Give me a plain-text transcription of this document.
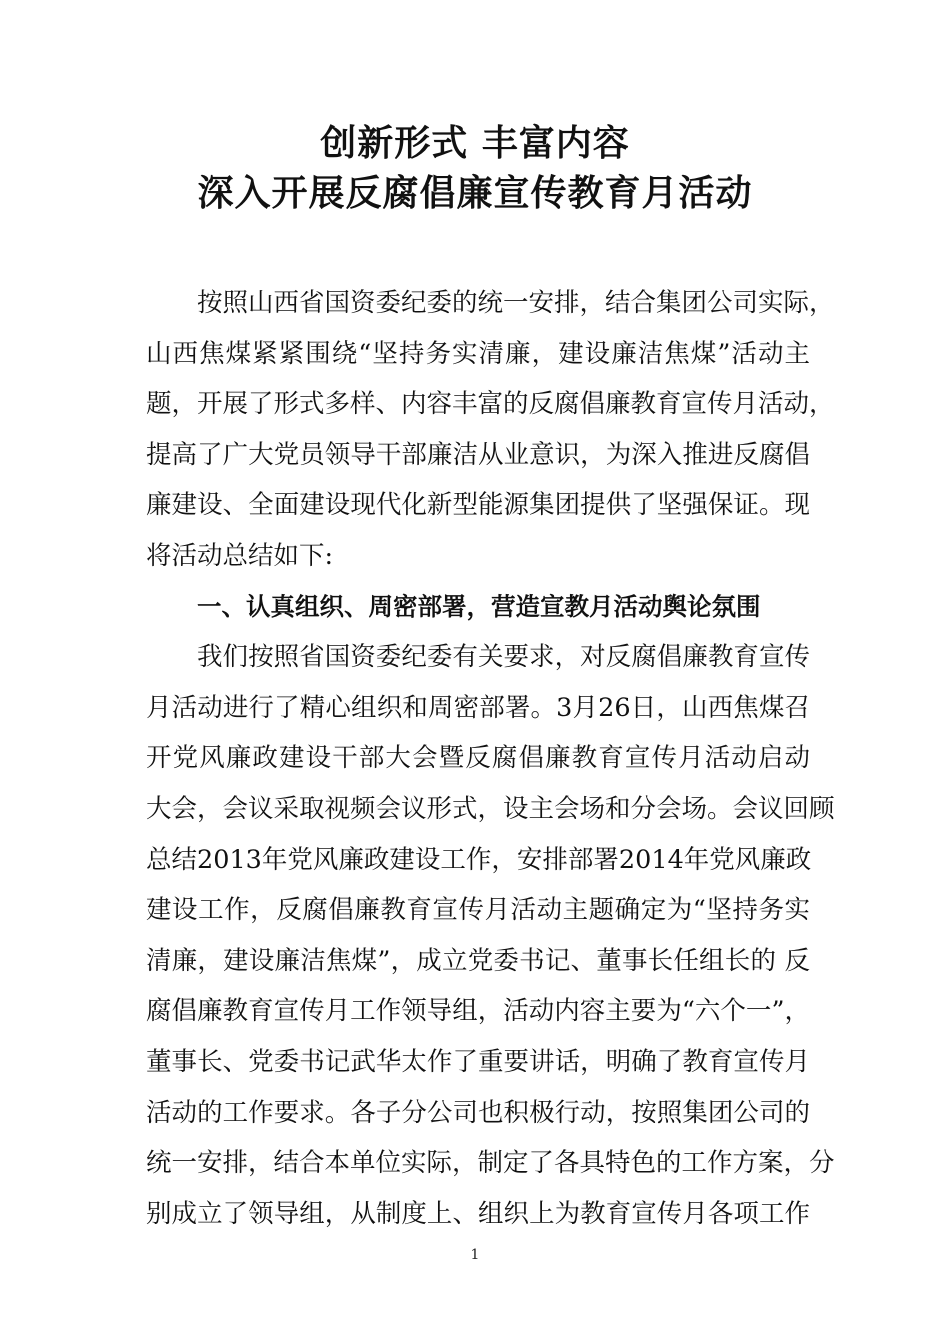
创新形式 丰富内容
深入开展反腐倡廉宣传教育月活动
按照山西省国资委纪委的统一安排，结合集团公司实际，
山西焦煤紧紧围绕“坚持务实清廉，建设廉洁焦煤”活动主
题，开展了形式多样、内容丰富的反腐倡廉教育宣传月活动，
提高了广大党员领导干部廉洁从业意识，为深入推进反腐倡
廉建设、全面建设现代化新型能源集团提供了坚强保证。现
将活动总结如下:
一、认真组织、周密部署，营造宣教月活动舆论氛围
我们按照省国资委纪委有关要求，对反腐倡廉教育宣传
月活动进行了精心组织和周密部署。3月26日，山西焦煤召
开党风廉政建设干部大会暨反腐倡廉教育宣传月活动启动
大会，会议采取视频会议形式，设主会场和分会场。会议回顾
总结2013年党风廉政建设工作，安排部署2014年党风廉政
建设工作，反腐倡廉教育宣传月活动主题确定为“坚持务实
清廉，建设廉洁焦煤”，成立党委书记、董事长任组长的 反
腐倡廉教育宣传月工作领导组，活动内容主要为“六个一”，
董事长、党委书记武华太作了重要讲话，明确了教育宣传月
活动的工作要求。各子分公司也积极行动，按照集团公司的
统一安排，结合本单位实际，制定了各具特色的工作方案，分
别成立了领导组，从制度上、组织上为教育宣传月各项工作
1
